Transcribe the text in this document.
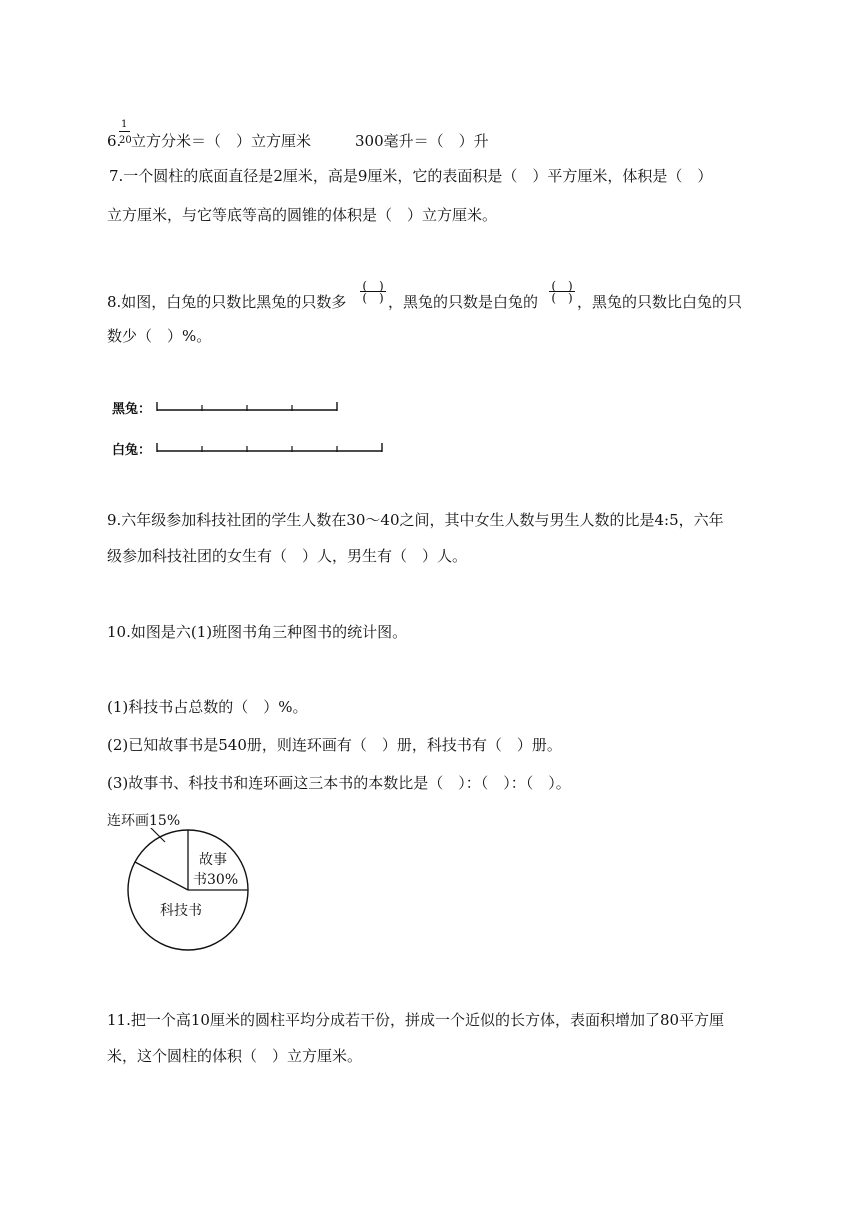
1
6.
20 立方分米＝（　）立方厘米	300毫升＝（　）升
7.一个圆柱的底面直径是2厘米，高是9厘米，它的表面积是（　）平方厘米，体积是（　）
立方厘米，与它等底等高的圆锥的体积是（　）立方厘米。
8.如图，白兔的只数比黑兔的只数多
(　)
(　) ，黑兔的只数是白兔的
(　)
(　) ，黑兔的只数比白兔的只
数少（　）%。
黑兔：
白兔：
9.六年级参加科技社团的学生人数在30～40之间，其中女生人数与男生人数的比是4:5，六年
级参加科技社团的女生有（　）人，男生有（　）人。
10.如图是六(1)班图书角三种图书的统计图。
(1)科技书占总数的（　）%。
(2)已知故事书是540册，则连环画有（　）册，科技书有（　）册。
(3)故事书、科技书和连环画这三本书的本数比是（　）：（　）：（　）。
连环画15%
故事
书30%
科技书
11.把一个高10厘米的圆柱平均分成若干份，拼成一个近似的长方体，表面积增加了80平方厘
米，这个圆柱的体积（　）立方厘米。
